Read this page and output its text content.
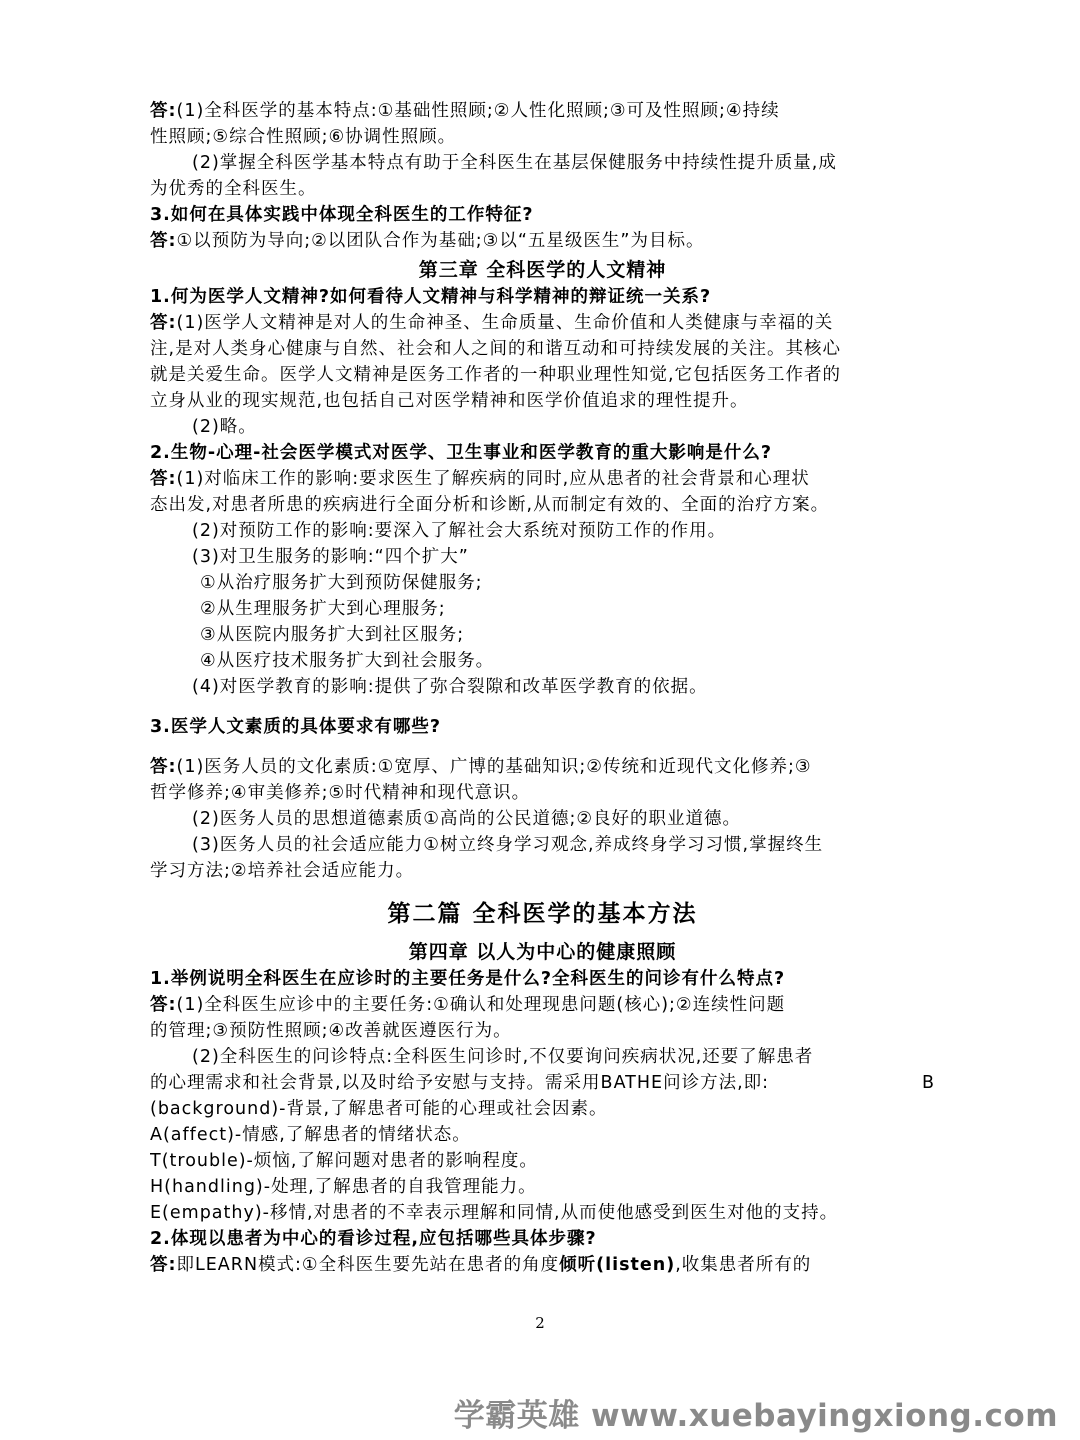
答:(1)全科医学的基本特点:①基础性照顾;②人性化照顾;③可及性照顾;④持续
性照顾;⑤综合性照顾;⑥协调性照顾。
(2)掌握全科医学基本特点有助于全科医生在基层保健服务中持续性提升质量,成
为优秀的全科医生。
3.如何在具体实践中体现全科医生的工作特征?
答:①以预防为导向;②以团队合作为基础;③以“五星级医生”为目标。
第三章 全科医学的人文精神
1.何为医学人文精神?如何看待人文精神与科学精神的辩证统一关系?
答:(1)医学人文精神是对人的生命神圣、生命质量、生命价值和人类健康与幸福的关
注,是对人类身心健康与自然、社会和人之间的和谐互动和可持续发展的关注。其核心
就是关爱生命。医学人文精神是医务工作者的一种职业理性知觉,它包括医务工作者的
立身从业的现实规范,也包括自己对医学精神和医学价值追求的理性提升。
(2)略。
2.生物-心理-社会医学模式对医学、卫生事业和医学教育的重大影响是什么?
答:(1)对临床工作的影响:要求医生了解疾病的同时,应从患者的社会背景和心理状
态出发,对患者所患的疾病进行全面分析和诊断,从而制定有效的、全面的治疗方案。
(2)对预防工作的影响:要深入了解社会大系统对预防工作的作用。
(3)对卫生服务的影响:“四个扩大”
①从治疗服务扩大到预防保健服务;
②从生理服务扩大到心理服务;
③从医院内服务扩大到社区服务;
④从医疗技术服务扩大到社会服务。
(4)对医学教育的影响:提供了弥合裂隙和改革医学教育的依据。
3.医学人文素质的具体要求有哪些?
答:(1)医务人员的文化素质:①宽厚、广博的基础知识;②传统和近现代文化修养;③
哲学修养;④审美修养;⑤时代精神和现代意识。
(2)医务人员的思想道德素质①高尚的公民道德;②良好的职业道德。
(3)医务人员的社会适应能力①树立终身学习观念,养成终身学习习惯,掌握终生
学习方法;②培养社会适应能力。
第二篇 全科医学的基本方法
第四章 以人为中心的健康照顾
1.举例说明全科医生在应诊时的主要任务是什么?全科医生的问诊有什么特点?
答:(1)全科医生应诊中的主要任务:①确认和处理现患问题(核心);②连续性问题
的管理;③预防性照顾;④改善就医遵医行为。
(2)全科医生的问诊特点:全科医生问诊时,不仅要询问疾病状况,还要了解患者
的心理需求和社会背景,以及时给予安慰与支持。需采用BATHE问诊方法,即:	B
(background)-背景,了解患者可能的心理或社会因素。
A(affect)-情感,了解患者的情绪状态。
T(trouble)-烦恼,了解问题对患者的影响程度。
H(handling)-处理,了解患者的自我管理能力。
E(empathy)-移情,对患者的不幸表示理解和同情,从而使他感受到医生对他的支持。
2.体现以患者为中心的看诊过程,应包括哪些具体步骤?
答:即LEARN模式:①全科医生要先站在患者的角度倾听(listen),收集患者所有的
2
学霸英雄 www.xuebayingxiong.com
